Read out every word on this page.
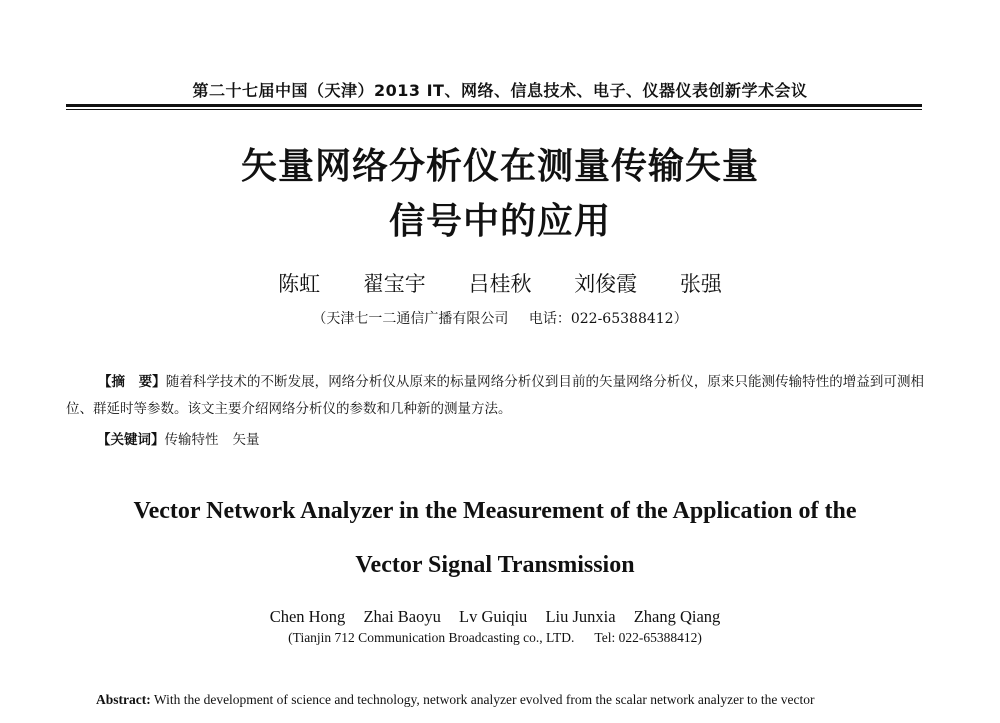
第二十七届中国（天津）2013 IT、网络、信息技术、电子、仪器仪表创新学术会议
矢量网络分析仪在测量传输矢量
信号中的应用
陈虹 翟宝宇 吕桂秋 刘俊霞 张强
（天津七一二通信广播有限公司 电话：022-65388412）
【摘　要】随着科学技术的不断发展，网络分析仪从原来的标量网络分析仪到目前的矢量网络分析仪，原来只能测传输特性的增益到可测相位、群延时等参数。该文主要介绍网络分析仪的参数和几种新的测量方法。
【关键词】传输特性 矢量
Vector Network Analyzer in the Measurement of the Application of the
Vector Signal Transmission
Chen Hong Zhai Baoyu Lv Guiqiu Liu Junxia Zhang Qiang
(Tianjin 712 Communication Broadcasting co., LTD. Tel: 022-65388412)
Abstract: With the development of science and technology, network analyzer evolved from the scalar network analyzer to the vector
